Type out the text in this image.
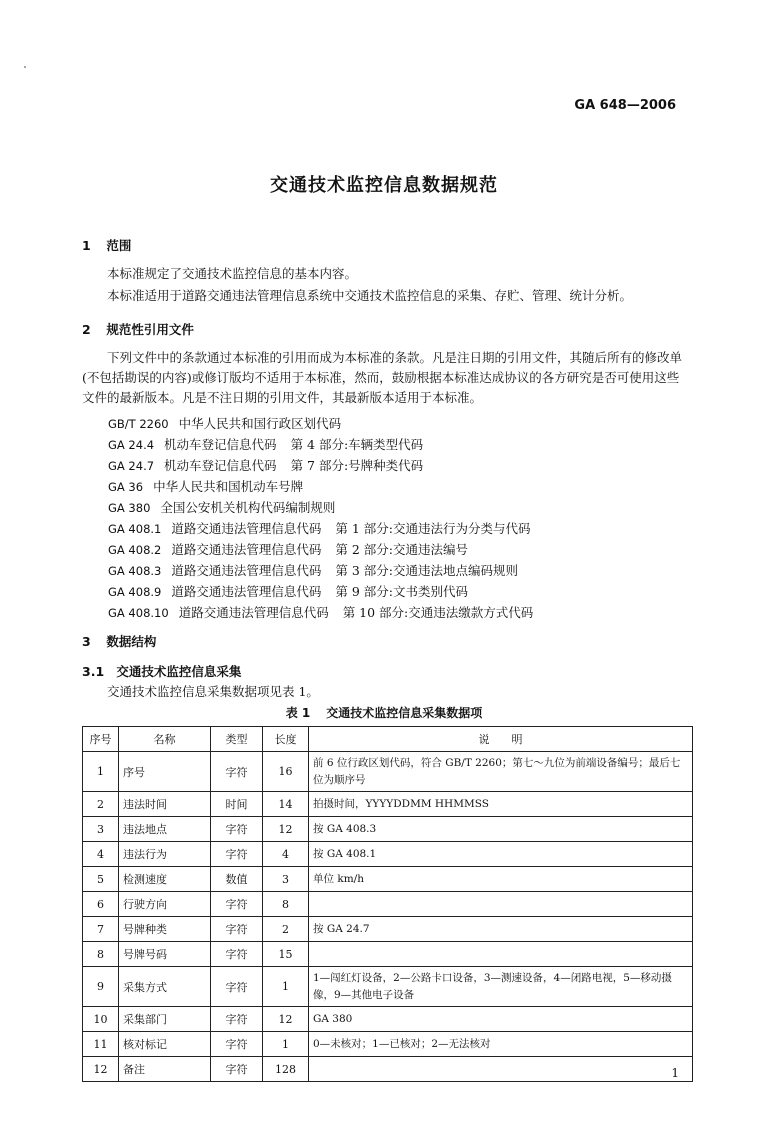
GA 648—2006
交通技术监控信息数据规范
1 范围
本标准规定了交通技术监控信息的基本内容。
本标准适用于道路交通违法管理信息系统中交通技术监控信息的采集、存贮、管理、统计分析。
2 规范性引用文件
下列文件中的条款通过本标准的引用而成为本标准的条款。凡是注日期的引用文件，其随后所有的修改单(不包括勘误的内容)或修订版均不适用于本标准，然而，鼓励根据本标准达成协议的各方研究是否可使用这些文件的最新版本。凡是不注日期的引用文件，其最新版本适用于本标准。
GB/T 2260 中华人民共和国行政区划代码
GA 24.4 机动车登记信息代码 第 4 部分:车辆类型代码
GA 24.7 机动车登记信息代码 第 7 部分:号牌种类代码
GA 36 中华人民共和国机动车号牌
GA 380 全国公安机关机构代码编制规则
GA 408.1 道路交通违法管理信息代码 第 1 部分:交通违法行为分类与代码
GA 408.2 道路交通违法管理信息代码 第 2 部分:交通违法编号
GA 408.3 道路交通违法管理信息代码 第 3 部分:交通违法地点编码规则
GA 408.9 道路交通违法管理信息代码 第 9 部分:文书类别代码
GA 408.10 道路交通违法管理信息代码 第 10 部分:交通违法缴款方式代码
3 数据结构
3.1 交通技术监控信息采集
交通技术监控信息采集数据项见表 1。
表 1 交通技术监控信息采集数据项
序号	名称	类型	长度	说　　明
1	序号	字符	16	前 6 位行政区划代码，符合 GB/T 2260；第七～九位为前端设备编号；最后七位为顺序号
2	违法时间	时间	14	拍摄时间，YYYYDDMM HHMMSS
3	违法地点	字符	12	按 GA 408.3
4	违法行为	字符	4	按 GA 408.1
5	检测速度	数值	3	单位 km/h
6	行驶方向	字符	8	
7	号牌种类	字符	2	按 GA 24.7
8	号牌号码	字符	15	
9	采集方式	字符	1	1—闯红灯设备，2—公路卡口设备，3—测速设备，4—闭路电视，5—移动摄像，9—其他电子设备
10	采集部门	字符	12	GA 380
11	核对标记	字符	1	0—未核对；1—已核对；2—无法核对
12	备注	字符	128		1
